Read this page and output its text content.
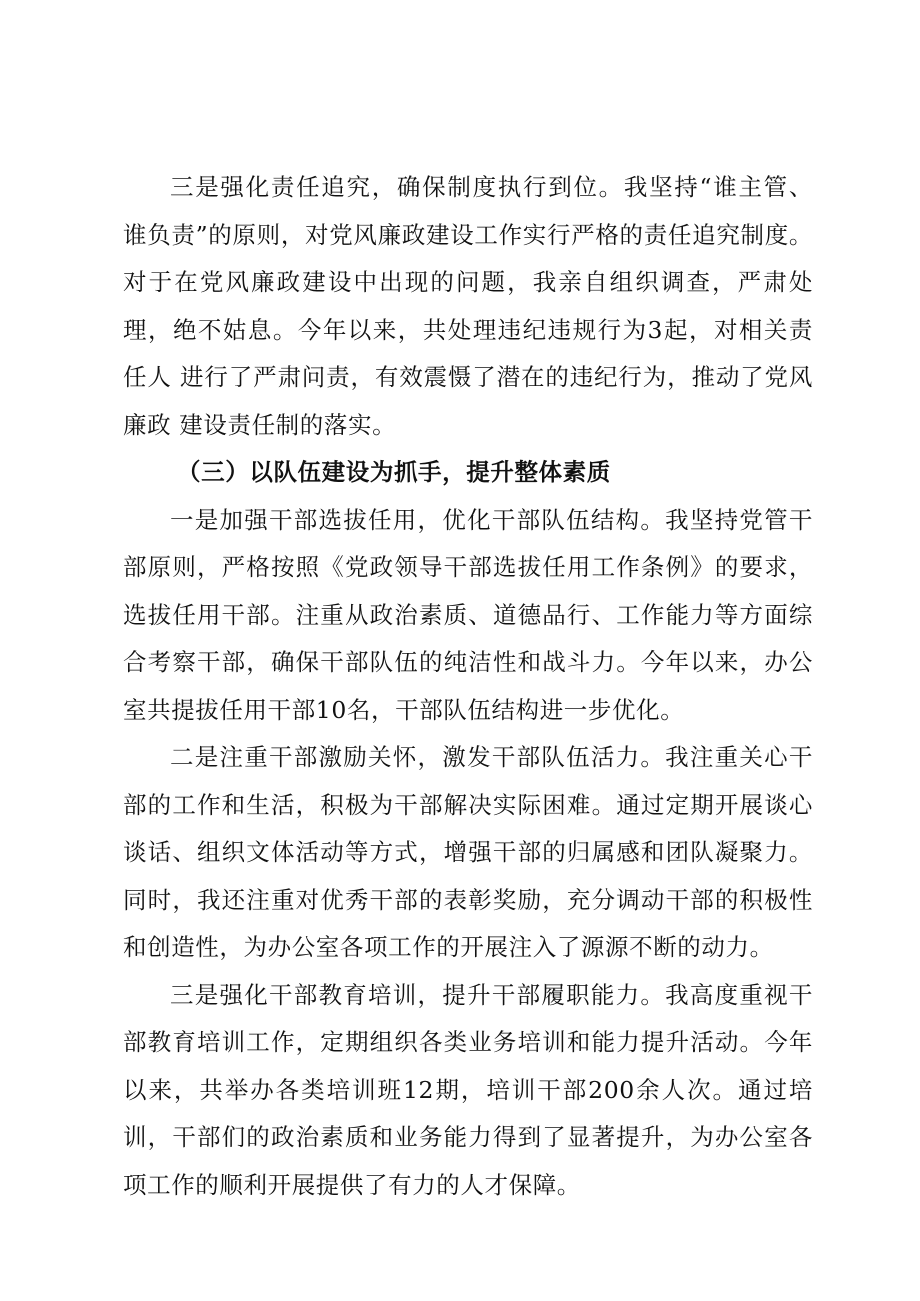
三是强化责任追究，确保制度执行到位。我坚持“谁主管、 谁负责”的原则，对党风廉政建设工作实行严格的责任追究制度。 对于在党风廉政建设中出现的问题，我亲自组织调查，严肃处理，绝不姑息。今年以来，共处理违纪违规行为3起，对相关责任人 进行了严肃问责，有效震慑了潜在的违纪行为，推动了党风廉政 建设责任制的落实。

（三）以队伍建设为抓手，提升整体素质

一是加强干部选拔任用，优化干部队伍结构。我坚持党管干 部原则，严格按照《党政领导干部选拔任用工作条例》的要求， 选拔任用干部。注重从政治素质、道德品行、工作能力等方面综 合考察干部，确保干部队伍的纯洁性和战斗力。今年以来，办公 室共提拔任用干部10名，干部队伍结构进一步优化。

二是注重干部激励关怀，激发干部队伍活力。我注重关心干 部的工作和生活，积极为干部解决实际困难。通过定期开展谈心 谈话、组织文体活动等方式，增强干部的归属感和团队凝聚力。 同时，我还注重对优秀干部的表彰奖励，充分调动干部的积极性 和创造性，为办公室各项工作的开展注入了源源不断的动力。

三是强化干部教育培训，提升干部履职能力。我高度重视干 部教育培训工作，定期组织各类业务培训和能力提升活动。今年 以来，共举办各类培训班12期，培训干部200余人次。通过培 训，干部们的政治素质和业务能力得到了显著提升，为办公室各 项工作的顺利开展提供了有力的人才保障。
